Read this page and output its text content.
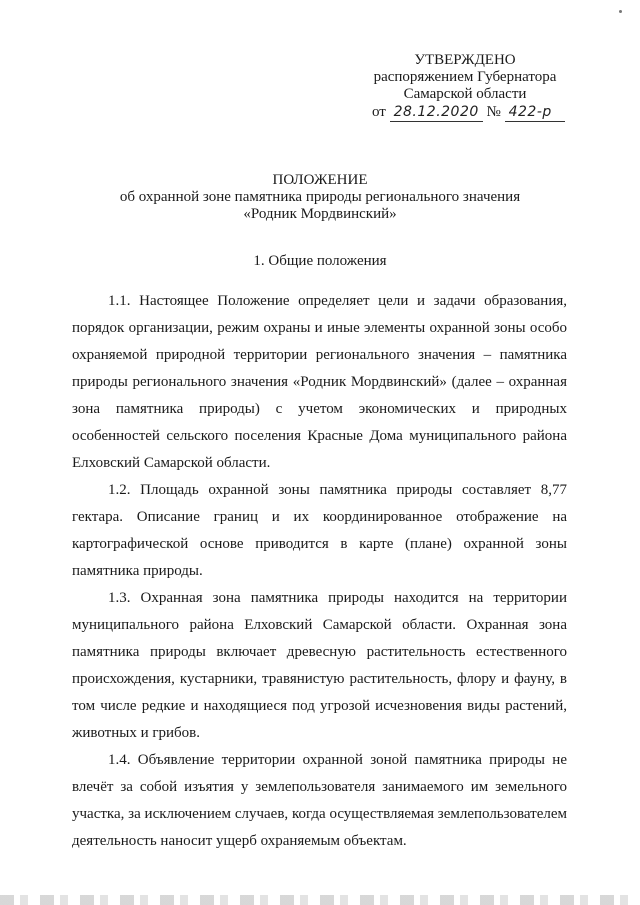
УТВЕРЖДЕНО
распоряжением Губернатора
Самарской области
от 28.12.2020 № 422-р
ПОЛОЖЕНИЕ
об охранной зоне памятника природы регионального значения
«Родник Мордвинский»
1. Общие положения

1.1. Настоящее Положение определяет цели и задачи образования, порядок организации, режим охраны и иные элементы охранной зоны особо охраняемой природной территории регионального значения – памятника природы регионального значения «Родник Мордвинский» (далее – охранная зона памятника природы) с учетом экономических и природных особенностей сельского поселения Красные Дома муниципального района Елховский Самарской области.

1.2. Площадь охранной зоны памятника природы составляет 8,77 гектара. Описание границ и их координированное отображение на картографической основе приводится в карте (плане) охранной зоны памятника природы.

1.3. Охранная зона памятника природы находится на территории муниципального района Елховский Самарской области. Охранная зона памятника природы включает древесную растительность естественного происхождения, кустарники, травянистую растительность, флору и фауну, в том числе редкие и находящиеся под угрозой исчезновения виды растений, животных и грибов.

1.4. Объявление территории охранной зоной памятника природы не влечёт за собой изъятия у землепользователя занимаемого им земельного участка, за исключением случаев, когда осуществляемая землепользователем деятельность наносит ущерб охраняемым объектам.
